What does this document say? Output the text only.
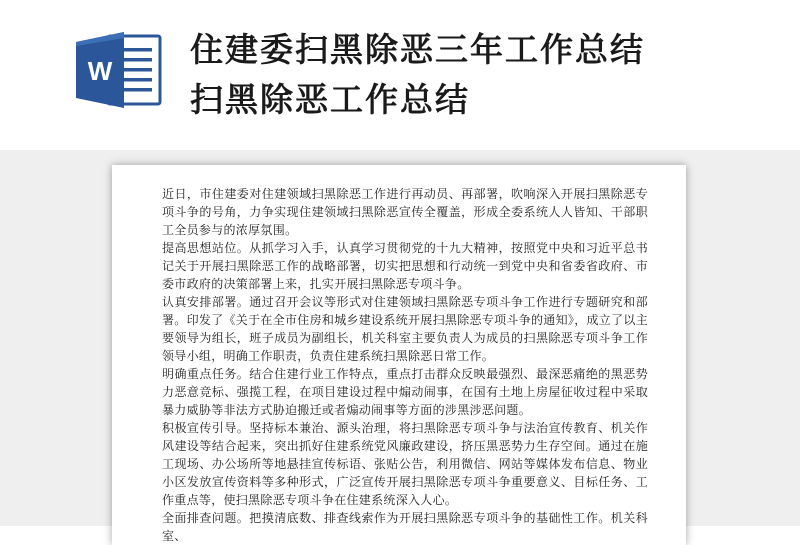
W
住建委扫黑除恶三年工作总结
扫黑除恶工作总结

近日，市住建委对住建领域扫黑除恶工作进行再动员、再部署，吹响深入开展扫黑除恶专项斗争的号角，力争实现住建领域扫黑除恶宣传全覆盖，形成全委系统人人皆知、干部职工全员参与的浓厚氛围。

提高思想站位。从抓学习入手，认真学习贯彻党的十九大精神，按照党中央和习近平总书记关于开展扫黑除恶工作的战略部署，切实把思想和行动统一到党中央和省委省政府、市委市政府的决策部署上来，扎实开展扫黑除恶专项斗争。

认真安排部署。通过召开会议等形式对住建领域扫黑除恶专项斗争工作进行专题研究和部署。印发了《关于在全市住房和城乡建设系统开展扫黑除恶专项斗争的通知》，成立了以主要领导为组长，班子成员为副组长，机关科室主要负责人为成员的扫黑除恶专项斗争工作领导小组，明确工作职责，负责住建系统扫黑除恶日常工作。

明确重点任务。结合住建行业工作特点，重点打击群众反映最强烈、最深恶痛绝的黑恶势力恶意竞标、强揽工程，在项目建设过程中煽动闹事，在国有土地上房屋征收过程中采取暴力威胁等非法方式胁迫搬迁或者煽动闹事等方面的涉黑涉恶问题。

积极宣传引导。坚持标本兼治、源头治理，将扫黑除恶专项斗争与法治宣传教育、机关作风建设等结合起来，突出抓好住建系统党风廉政建设，挤压黑恶势力生存空间。通过在施工现场、办公场所等地悬挂宣传标语、张贴公告，利用微信、网站等媒体发布信息、物业小区发放宣传资料等多种形式，广泛宣传开展扫黑除恶专项斗争重要意义、目标任务、工作重点等，使扫黑除恶专项斗争在住建系统深入人心。

全面排查问题。把摸清底数、排查线索作为开展扫黑除恶专项斗争的基础性工作。机关科室、
